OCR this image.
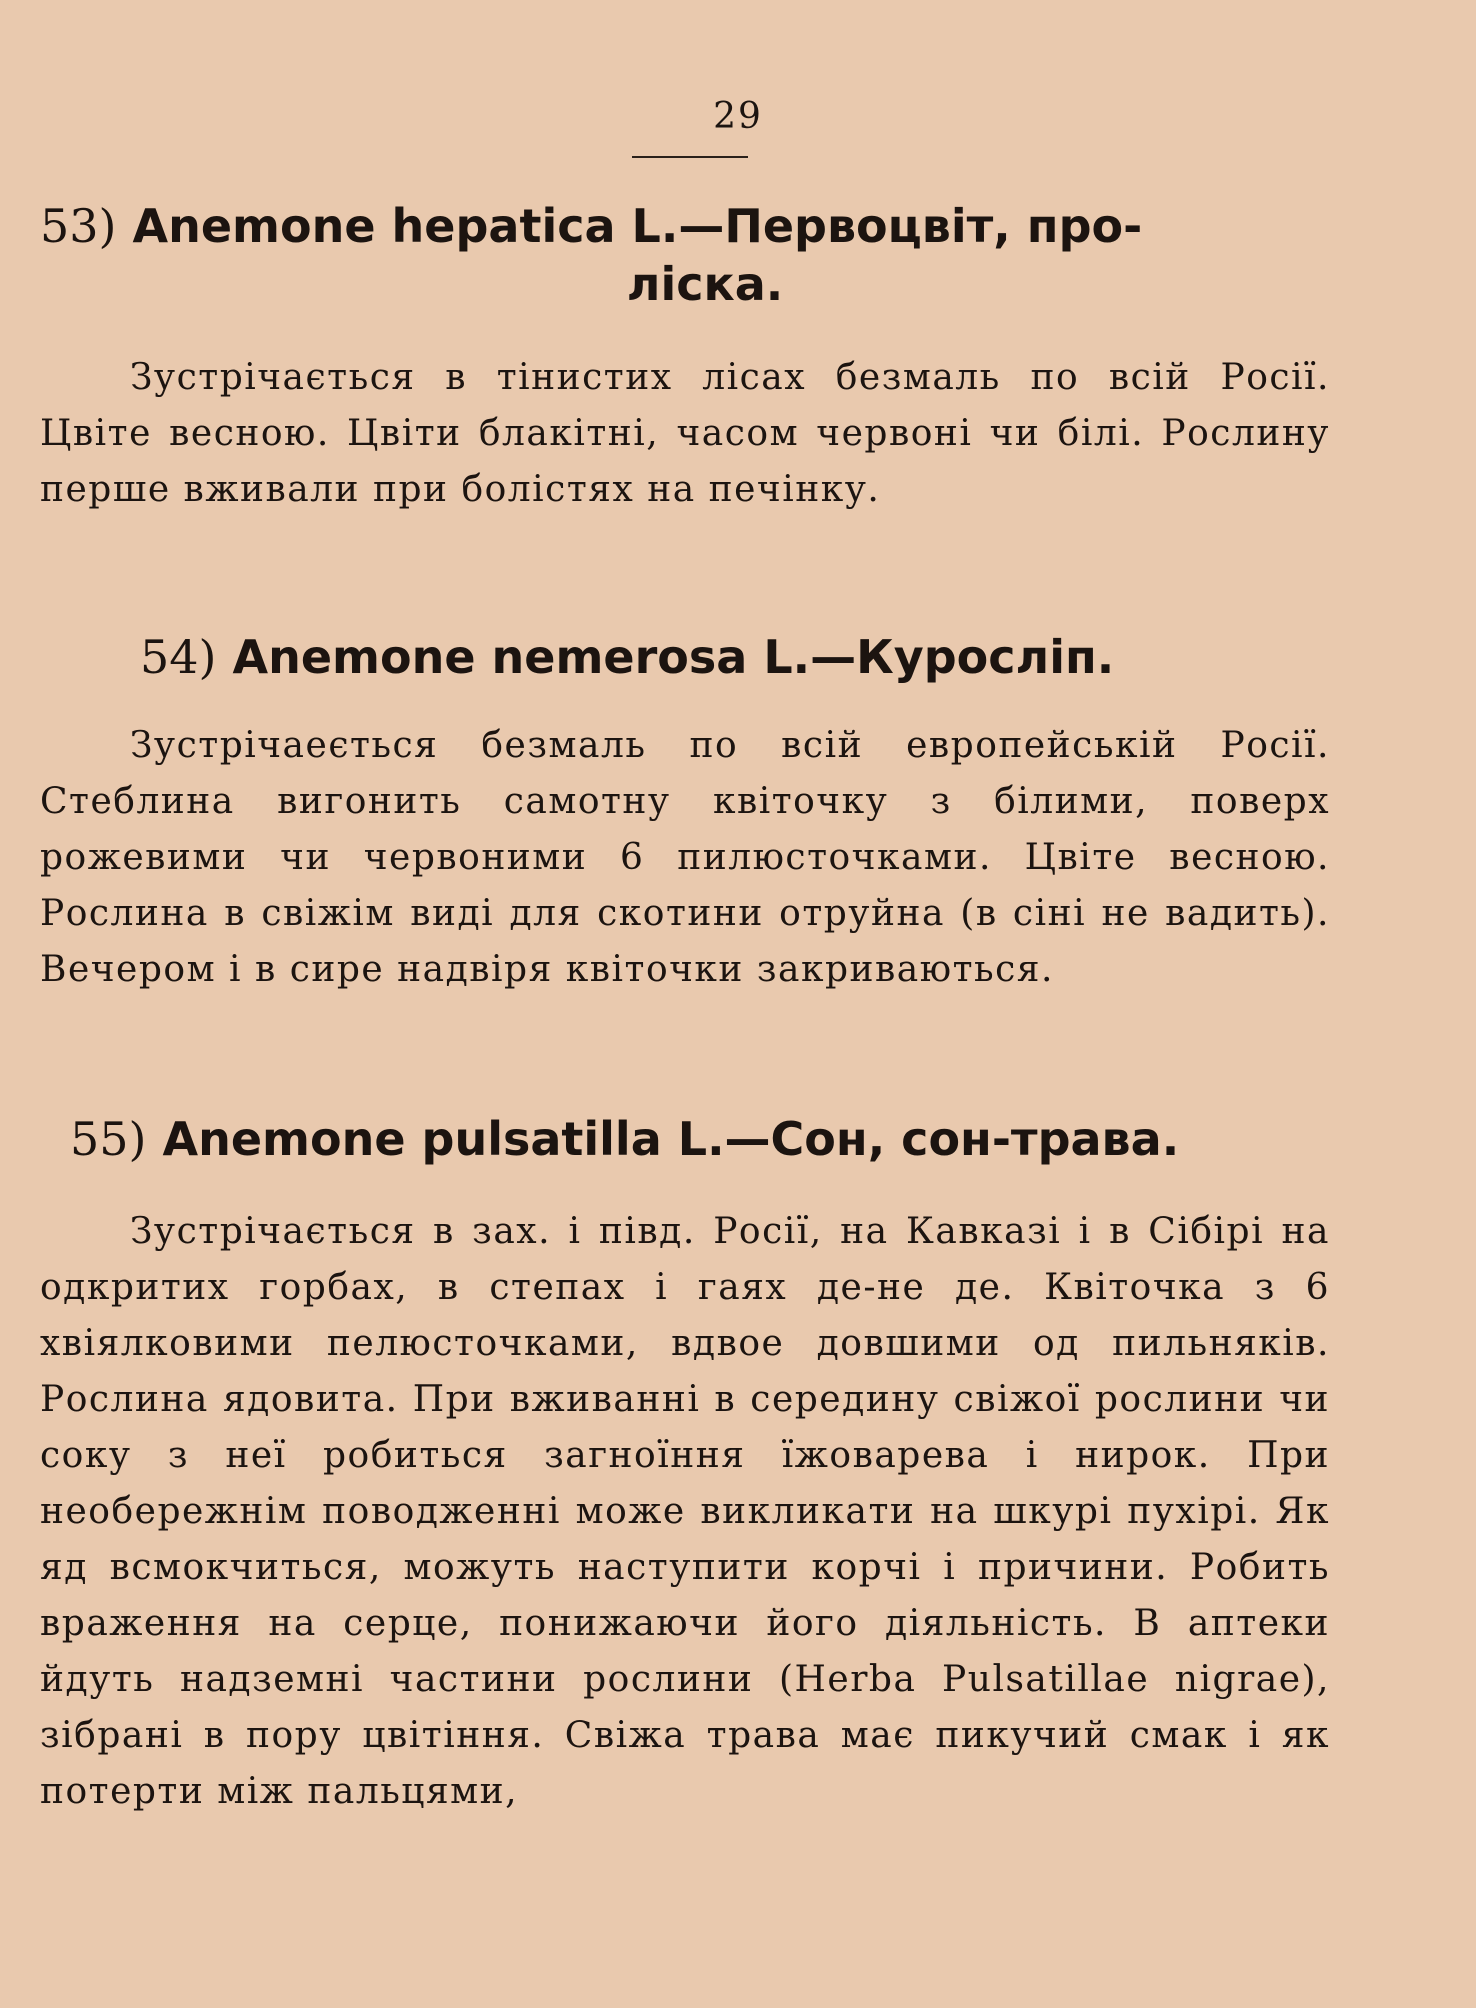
29
53) Anemone hepatica L.—Первоцвіт, про-
ліска.
Зустрічається в тінистих лісах безмаль по всій Росії. Цвіте весною. Цвіти блакітні, часом червоні чи білі. Рослину перше вживали при болістях на печінку.
54) Anemone nemerosa L.—Куросліп.
Зустрічаеється безмаль по всій европейській Росії. Стеблина вигонить самотну квіточку з білими, поверх рожевими чи червоними 6 пилюсточками. Цвіте весною. Рослина в свіжім виді для скотини отруйна (в сіні не вадить). Вечером і в сире надвіря квіточки закриваються.
55) Anemone pulsatilla L.—Сон, сон-трава.
Зустрічається в зах. і півд. Росії, на Кавказі і в Сібірі на одкритих горбах, в степах і гаях де-не де. Квіточка з 6 хвіялковими пелюсточками, вдвое довшими од пильняків. Рослина ядовита. При вживанні в середину свіжої рослини чи соку з неї робиться загноїння їжоварева і нирок. При необережнім поводженні може викликати на шкурі пухірі. Як яд всмокчиться, можуть наступити корчі і причини. Робить враження на серце, понижаючи його діяльність. В аптеки йдуть надземні частини рослини (Herba Pulsatillae nigrae), зібрані в пору цвітіння. Свіжа трава має пикучий смак і як потерти між пальцями,
